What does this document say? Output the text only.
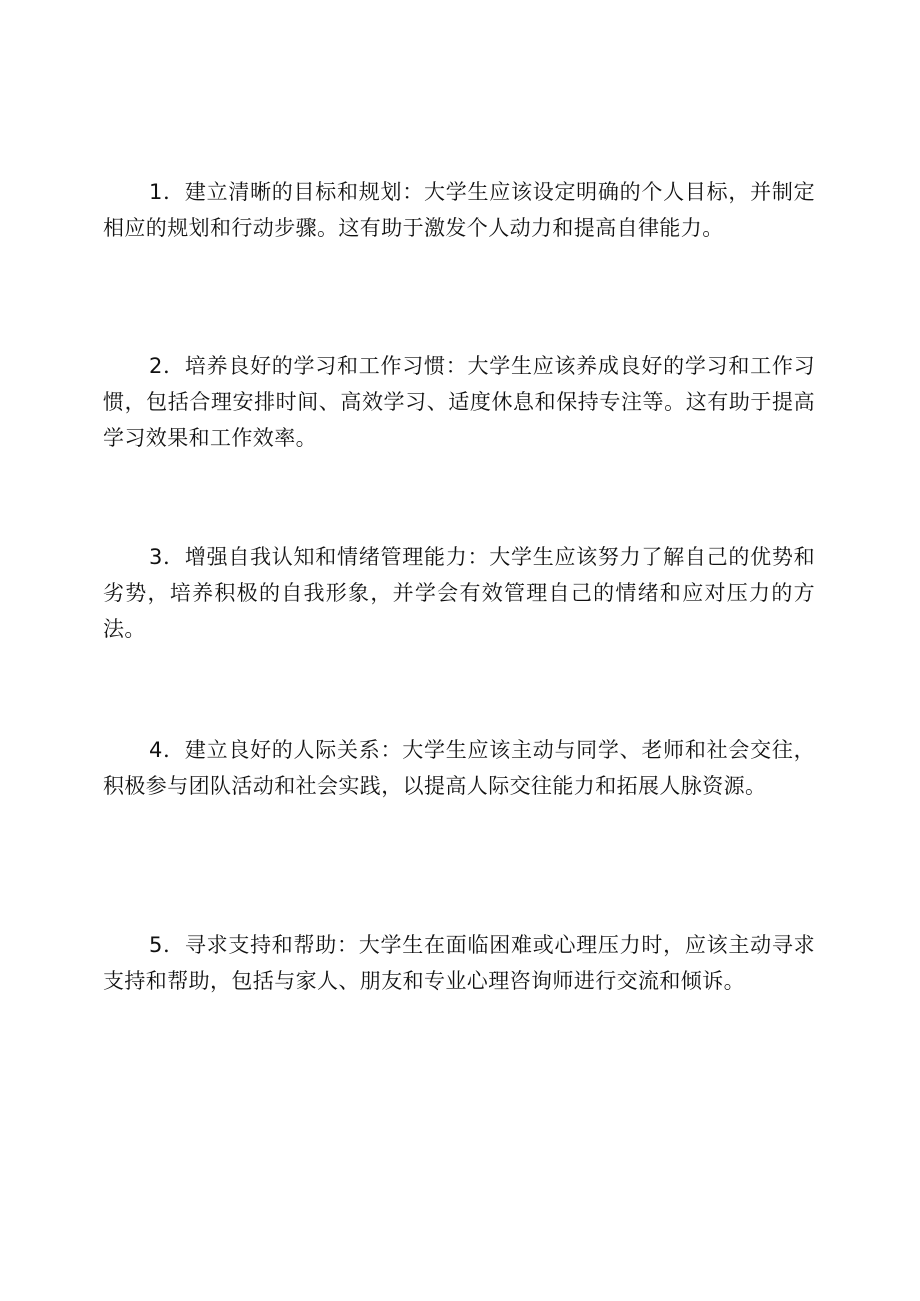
1．建立清晰的目标和规划：大学生应该设定明确的个人目标，并制定相应的规划和行动步骤。这有助于激发个人动力和提高自律能力。

2．培养良好的学习和工作习惯：大学生应该养成良好的学习和工作习惯，包括合理安排时间、高效学习、适度休息和保持专注等。这有助于提高学习效果和工作效率。

3．增强自我认知和情绪管理能力：大学生应该努力了解自己的优势和劣势，培养积极的自我形象，并学会有效管理自己的情绪和应对压力的方法。

4．建立良好的人际关系：大学生应该主动与同学、老师和社会交往，积极参与团队活动和社会实践，以提高人际交往能力和拓展人脉资源。

5．寻求支持和帮助：大学生在面临困难或心理压力时，应该主动寻求支持和帮助，包括与家人、朋友和专业心理咨询师进行交流和倾诉。
